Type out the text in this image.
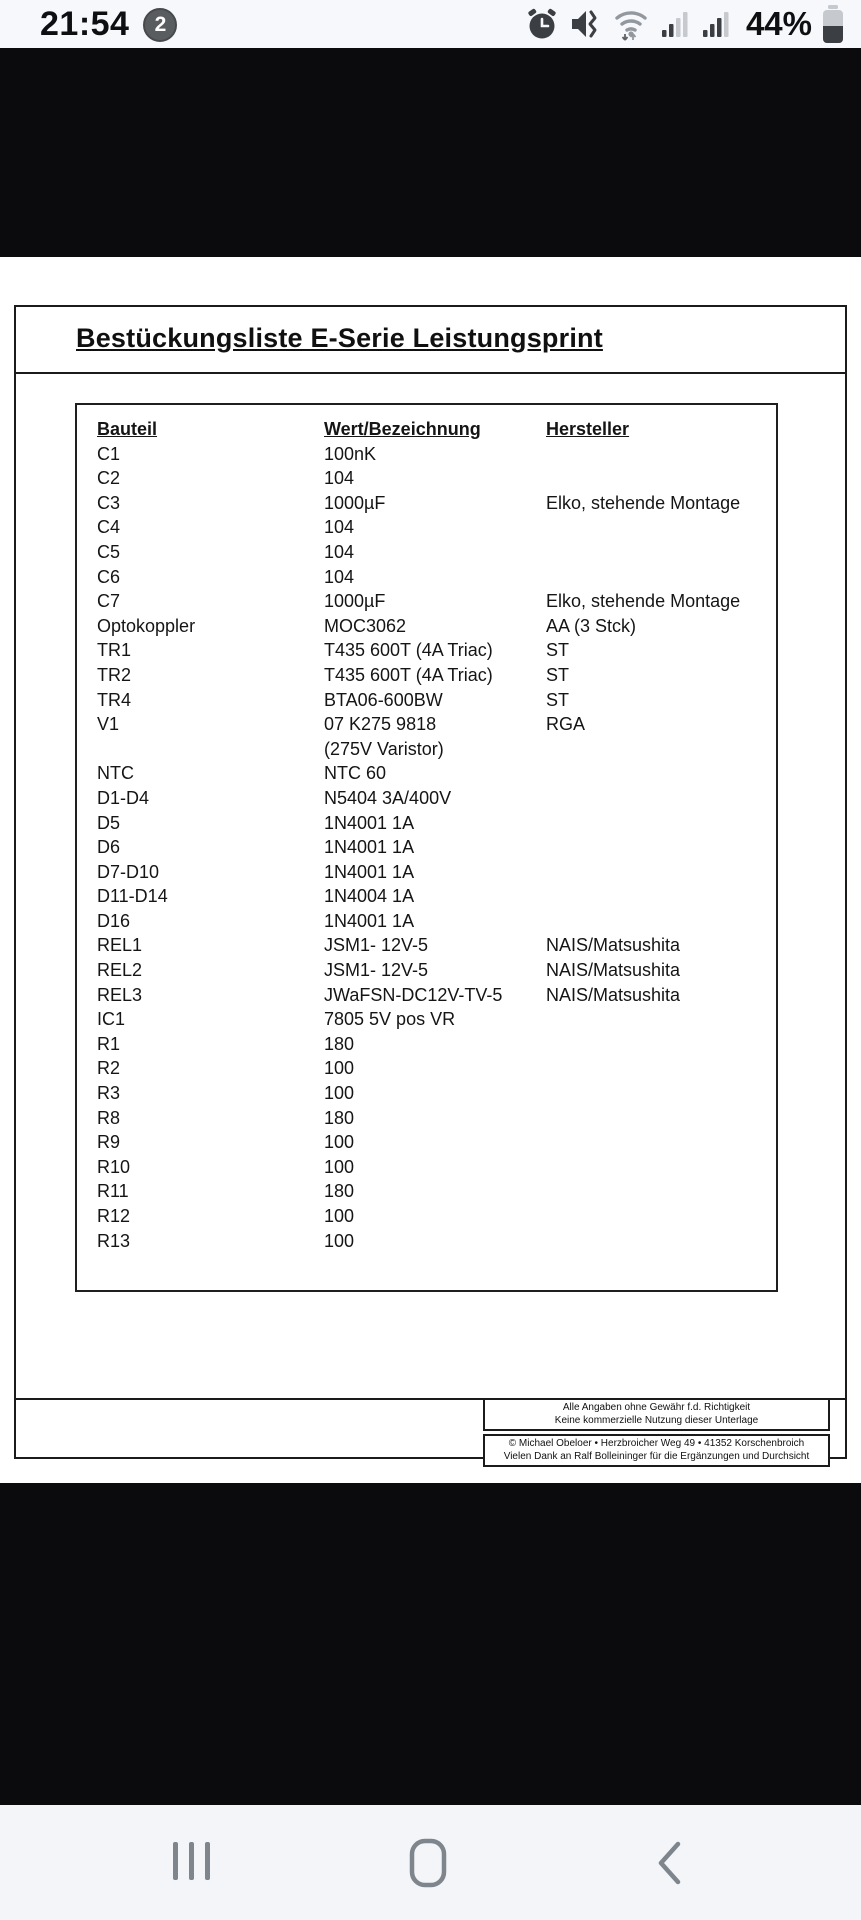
21:54	2	44%
Bestückungsliste E-Serie Leistungsprint
Bauteil	Wert/Bezeichnung	Hersteller
C1	100nK
C2	104
C3	1000µF	Elko, stehende Montage
C4	104
C5	104
C6	104
C7	1000µF	Elko, stehende Montage
Optokoppler	MOC3062	AA (3 Stck)
TR1	T435 600T (4A Triac)	ST
TR2	T435 600T (4A Triac)	ST
TR4	BTA06-600BW	ST
V1	07 K275 9818	RGA
(275V Varistor)
NTC	NTC 60
D1-D4	N5404 3A/400V
D5	1N4001 1A
D6	1N4001 1A
D7-D10	1N4001 1A
D11-D14	1N4004 1A
D16	1N4001 1A
REL1	JSM1- 12V-5	NAIS/Matsushita
REL2	JSM1- 12V-5	NAIS/Matsushita
REL3	JWaFSN-DC12V-TV-5	NAIS/Matsushita
IC1	7805 5V pos VR
R1	180
R2	100
R3	100
R8	180
R9	100
R10	100
R11	180
R12	100
R13	100
Alle Angaben ohne Gewähr f.d. Richtigkeit
Keine kommerzielle Nutzung dieser Unterlage
© Michael Obeloer • Herzbroicher Weg 49 • 41352 Korschenbroich
Vielen Dank an Ralf Bolleininger für die Ergänzungen und Durchsicht
